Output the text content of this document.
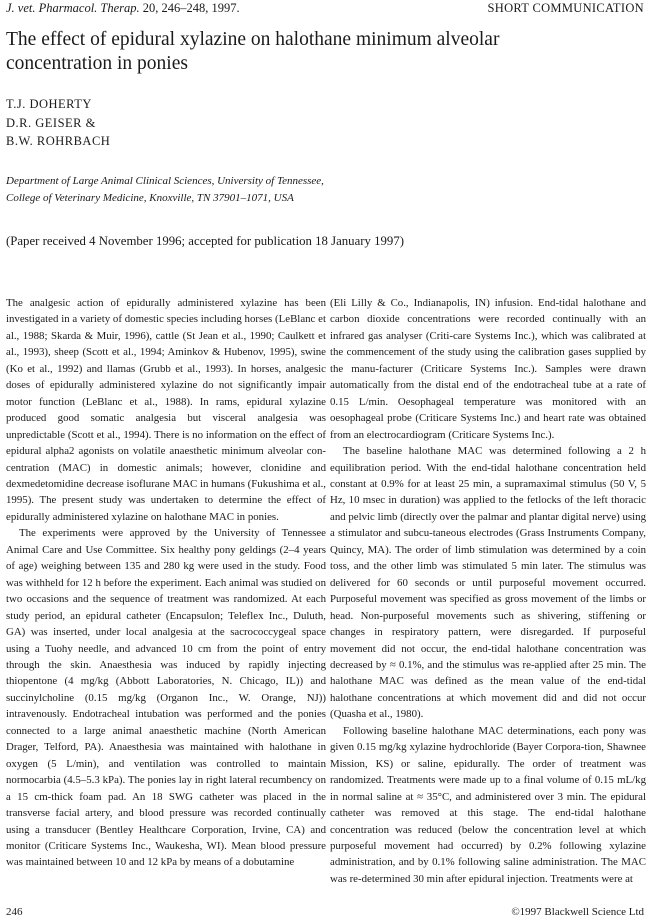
J. vet. Pharmacol. Therap. 20, 246–248, 1997.	SHORT COMMUNICATION
The effect of epidural xylazine on halothane minimum alveolar concentration in ponies
T.J. DOHERTY
D.R. GEISER &
B.W. ROHRBACH
Department of Large Animal Clinical Sciences, University of Tennessee,
College of Veterinary Medicine, Knoxville, TN 37901–1071, USA
(Paper received 4 November 1996; accepted for publication 18 January 1997)

The analgesic action of epidurally administered xylazine has been investigated in a variety of domestic species including horses (LeBlanc et al., 1988; Skarda & Muir, 1996), cattle (St Jean et al., 1990; Caulkett et al., 1993), sheep (Scott et al., 1994; Aminkov & Hubenov, 1995), swine (Ko et al., 1992) and llamas (Grubb et al., 1993). In horses, analgesic doses of epidurally administered xylazine do not significantly impair motor function (LeBlanc et al., 1988). In rams, epidural xylazine produced good somatic analgesia but visceral analgesia was unpredictable (Scott et al., 1994). There is no information on the effect of epidural alpha2 agonists on volatile anaesthetic minimum alveolar con-centration (MAC) in domestic animals; however, clonidine and dexmedetomidine decrease isoflurane MAC in humans (Fukushima et al., 1995). The present study was undertaken to determine the effect of epidurally administered xylazine on halothane MAC in ponies.

The experiments were approved by the University of Tennessee Animal Care and Use Committee. Six healthy pony geldings (2–4 years of age) weighing between 135 and 280 kg were used in the study. Food was withheld for 12 h before the experiment. Each animal was studied on two occasions and the sequence of treatment was randomized. At each study period, an epidural catheter (Encapsulon; Teleflex Inc., Duluth, GA) was inserted, under local analgesia at the sacrococcygeal space using a Tuohy needle, and advanced 10 cm from the point of entry through the skin. Anaesthesia was induced by rapidly injecting thiopentone (4 mg/kg (Abbott Laboratories, N. Chicago, IL)) and succinylcholine (0.15 mg/kg (Organon Inc., W. Orange, NJ)) intravenously. Endotracheal intubation was performed and the ponies connected to a large animal anaesthetic machine (North American Drager, Telford, PA). Anaesthesia was maintained with halothane in oxygen (5 L/min), and ventilation was controlled to maintain normocarbia (4.5–5.3 kPa). The ponies lay in right lateral recumbency on a 15 cm-thick foam pad. An 18 SWG catheter was placed in the transverse facial artery, and blood pressure was recorded continually using a transducer (Bentley Healthcare Corporation, Irvine, CA) and monitor (Criticare Systems Inc., Waukesha, WI). Mean blood pressure was maintained between 10 and 12 kPa by means of a dobutamine

(Eli Lilly & Co., Indianapolis, IN) infusion. End-tidal halothane and carbon dioxide concentrations were recorded continually with an infrared gas analyser (Criti-care Systems Inc.), which was calibrated at the commencement of the study using the calibration gases supplied by the manu-facturer (Criticare Systems Inc.). Samples were drawn automatically from the distal end of the endotracheal tube at a rate of 0.15 L/min. Oesophageal temperature was monitored with an oesophageal probe (Criticare Systems Inc.) and heart rate was obtained from an electrocardiogram (Criticare Systems Inc.).

The baseline halothane MAC was determined following a 2 h equilibration period. With the end-tidal halothane concentration held constant at 0.9% for at least 25 min, a supramaximal stimulus (50 V, 5 Hz, 10 msec in duration) was applied to the fetlocks of the left thoracic and pelvic limb (directly over the palmar and plantar digital nerve) using a stimulator and subcu-taneous electrodes (Grass Instruments Company, Quincy, MA). The order of limb stimulation was determined by a coin toss, and the other limb was stimulated 5 min later. The stimulus was delivered for 60 seconds or until purposeful movement occurred. Purposeful movement was specified as gross movement of the limbs or head. Non-purposeful movements such as shivering, stiffening or changes in respiratory pattern, were disregarded. If purposeful movement did not occur, the end-tidal halothane concentration was decreased by ≈ 0.1%, and the stimulus was re-applied after 25 min. The halothane MAC was defined as the mean value of the end-tidal halothane concentrations at which movement did and did not occur (Quasha et al., 1980).

Following baseline halothane MAC determinations, each pony was given 0.15 mg/kg xylazine hydrochloride (Bayer Corpora-tion, Shawnee Mission, KS) or saline, epidurally. The order of treatment was randomized. Treatments were made up to a final volume of 0.15 mL/kg in normal saline at ≈ 35°C, and administered over 3 min. The epidural catheter was removed at this stage. The end-tidal halothane concentration was reduced (below the concentration level at which purposeful movement had occurred) by 0.2% following xylazine administration, and by 0.1% following saline administration. The MAC was re-determined 30 min after epidural injection. Treatments were at

246	©1997 Blackwell Science Ltd
